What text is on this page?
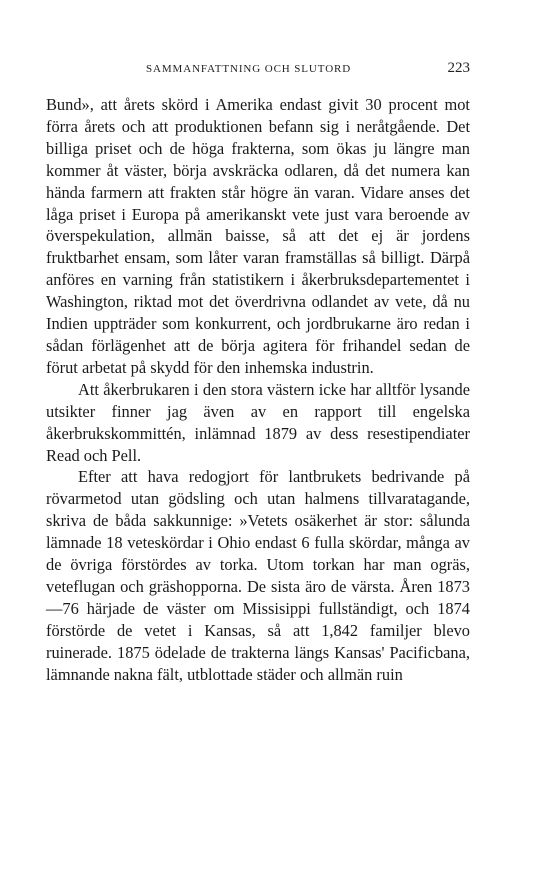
SAMMANFATTNING OCH SLUTORD	223

Bund», att årets skörd i Amerika endast givit 30 procent mot förra årets och att produktionen befann sig i neråtgående. Det billiga priset och de höga frakterna, som ökas ju längre man kommer åt väster, börja avskräcka odlaren, då det numera kan hända farmern att frakten står högre än varan. Vidare anses det låga priset i Europa på amerikanskt vete just vara beroende av överspekulation, allmän baisse, så att det ej är jordens fruktbarhet ensam, som låter varan framställas så billigt. Därpå anföres en varning från statistikern i åkerbruksdepartementet i Washington, riktad mot det överdrivna odlandet av vete, då nu Indien uppträder som konkurrent, och jordbrukarne äro redan i sådan förlägenhet att de börja agitera för frihandel sedan de förut arbetat på skydd för den inhemska industrin.

Att åkerbrukaren i den stora västern icke har alltför lysande utsikter finner jag även av en rapport till engelska åkerbrukskommittén, inlämnad 1879 av dess resestipendiater Read och Pell.

Efter att hava redogjort för lantbrukets bedrivande på rövarmetod utan gödsling och utan halmens tillvaratagande, skriva de båda sakkunnige: »Vetets osäkerhet är stor: sålunda lämnade 18 veteskördar i Ohio endast 6 fulla skördar, många av de övriga förstördes av torka. Utom torkan har man ogräs, veteflugan och gräshopporna. De sista äro de värsta. Åren 1873—76 härjade de väster om Missisippi fullständigt, och 1874 förstörde de vetet i Kansas, så att 1,842 familjer blevo ruinerade. 1875 ödelade de trakterna längs Kansas' Pacificbana, lämnande nakna fält, utblottade städer och allmän ruin
